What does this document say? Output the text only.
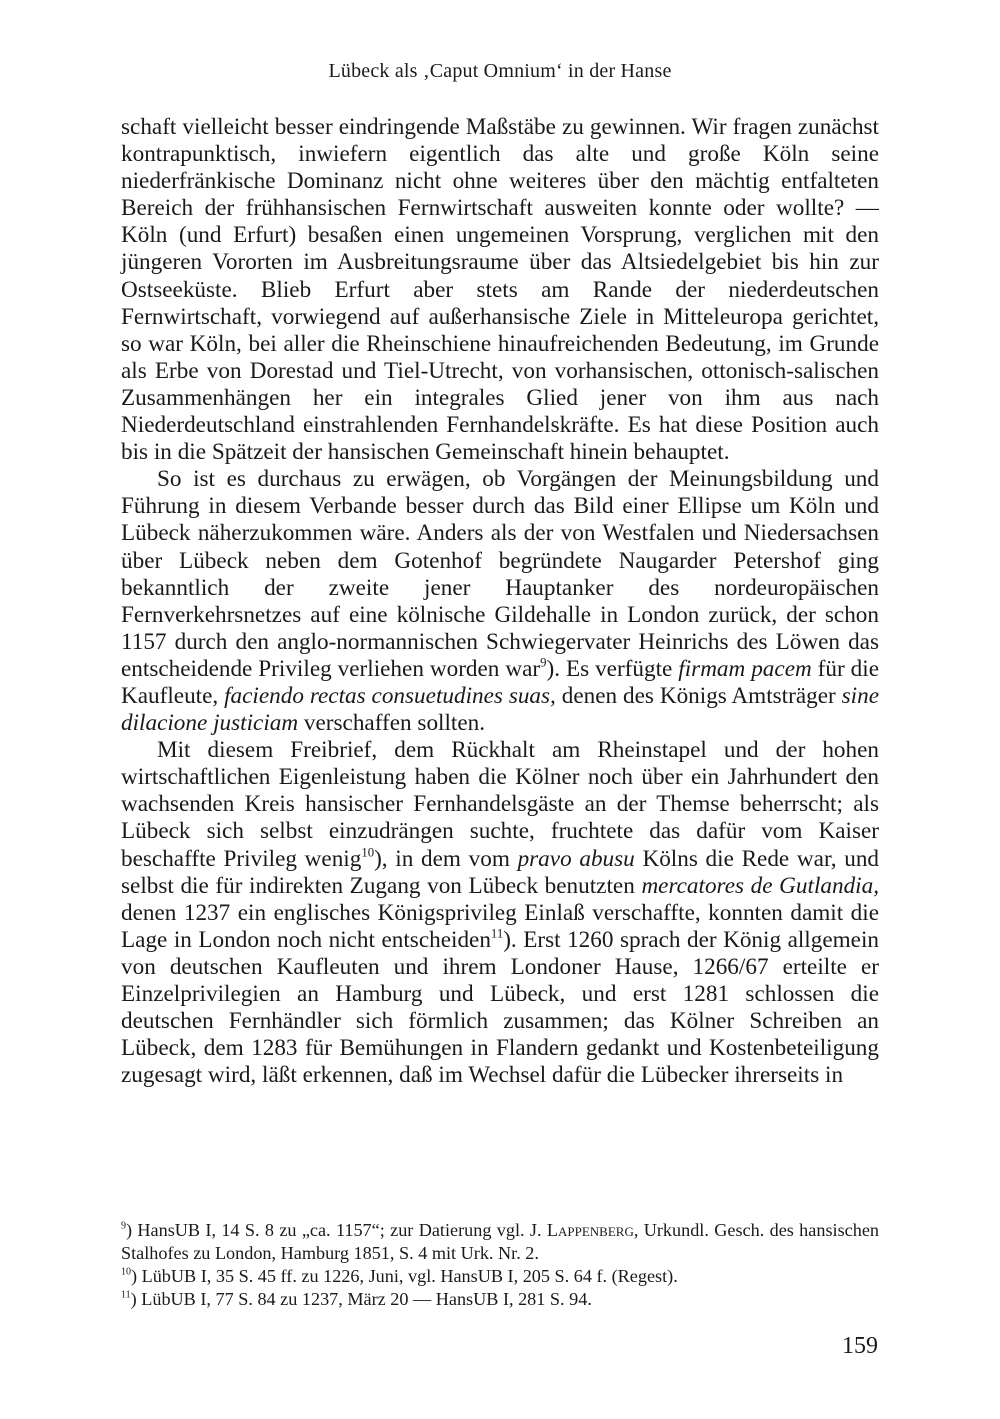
Lübeck als ‚Caput Omnium‘ in der Hanse

schaft vielleicht besser eindringende Maßstäbe zu gewinnen. Wir fragen zunächst kontrapunktisch, inwiefern eigentlich das alte und große Köln seine niederfränkische Dominanz nicht ohne weiteres über den mächtig entfalteten Bereich der frühhansischen Fernwirtschaft ausweiten konnte oder wollte? — Köln (und Erfurt) besaßen einen ungemeinen Vorsprung, verglichen mit den jüngeren Vororten im Ausbreitungsraume über das Altsiedelgebiet bis hin zur Ostseeküste. Blieb Erfurt aber stets am Rande der niederdeutschen Fernwirtschaft, vorwiegend auf außerhansische Ziele in Mitteleuropa gerichtet, so war Köln, bei aller die Rheinschiene hinaufreichenden Bedeutung, im Grunde als Erbe von Dorestad und Tiel-Utrecht, von vorhansischen, ottonisch-salischen Zusammenhängen her ein integrales Glied jener von ihm aus nach Niederdeutschland einstrahlenden Fernhandelskräfte. Es hat diese Position auch bis in die Spätzeit der hansischen Gemeinschaft hinein behauptet.

So ist es durchaus zu erwägen, ob Vorgängen der Meinungsbildung und Führung in diesem Verbande besser durch das Bild einer Ellipse um Köln und Lübeck näherzukommen wäre. Anders als der von Westfalen und Niedersachsen über Lübeck neben dem Gotenhof begründete Naugarder Petershof ging bekanntlich der zweite jener Hauptanker des nordeuropäischen Fernverkehrsnetzes auf eine kölnische Gildehalle in London zurück, der schon 1157 durch den anglo-normannischen Schwiegervater Heinrichs des Löwen das entscheidende Privileg verliehen worden war$^9$). Es verfügte firmam pacem für die Kaufleute, faciendo rectas consuetudines suas, denen des Königs Amtsträger sine dilacione justiciam verschaffen sollten.

Mit diesem Freibrief, dem Rückhalt am Rheinstapel und der hohen wirtschaftlichen Eigenleistung haben die Kölner noch über ein Jahrhundert den wachsenden Kreis hansischer Fernhandelsgäste an der Themse beherrscht; als Lübeck sich selbst einzudrängen suchte, fruchtete das dafür vom Kaiser beschaffte Privileg wenig$^{10}$), in dem vom pravo abusu Kölns die Rede war, und selbst die für indirekten Zugang von Lübeck benutzten mercatores de Gutlandia, denen 1237 ein englisches Königsprivileg Einlaß verschaffte, konnten damit die Lage in London noch nicht entscheiden$^{11}$). Erst 1260 sprach der König allgemein von deutschen Kaufleuten und ihrem Londoner Hause, 1266/67 erteilte er Einzelprivilegien an Hamburg und Lübeck, und erst 1281 schlossen die deutschen Fernhändler sich förmlich zusammen; das Kölner Schreiben an Lübeck, dem 1283 für Bemühungen in Flandern gedankt und Kostenbeteiligung zugesagt wird, läßt erkennen, daß im Wechsel dafür die Lübecker ihrerseits in

$^9$) HansUB I, 14 S. 8 zu „ca. 1157“; zur Datierung vgl. J. Lappenberg, Urkundl. Gesch. des hansischen Stalhofes zu London, Hamburg 1851, S. 4 mit Urk. Nr. 2.

$^{10}$) LübUB I, 35 S. 45 ff. zu 1226, Juni, vgl. HansUB I, 205 S. 64 f. (Regest).

$^{11}$) LübUB I, 77 S. 84 zu 1237, März 20 — HansUB I, 281 S. 94.

159
